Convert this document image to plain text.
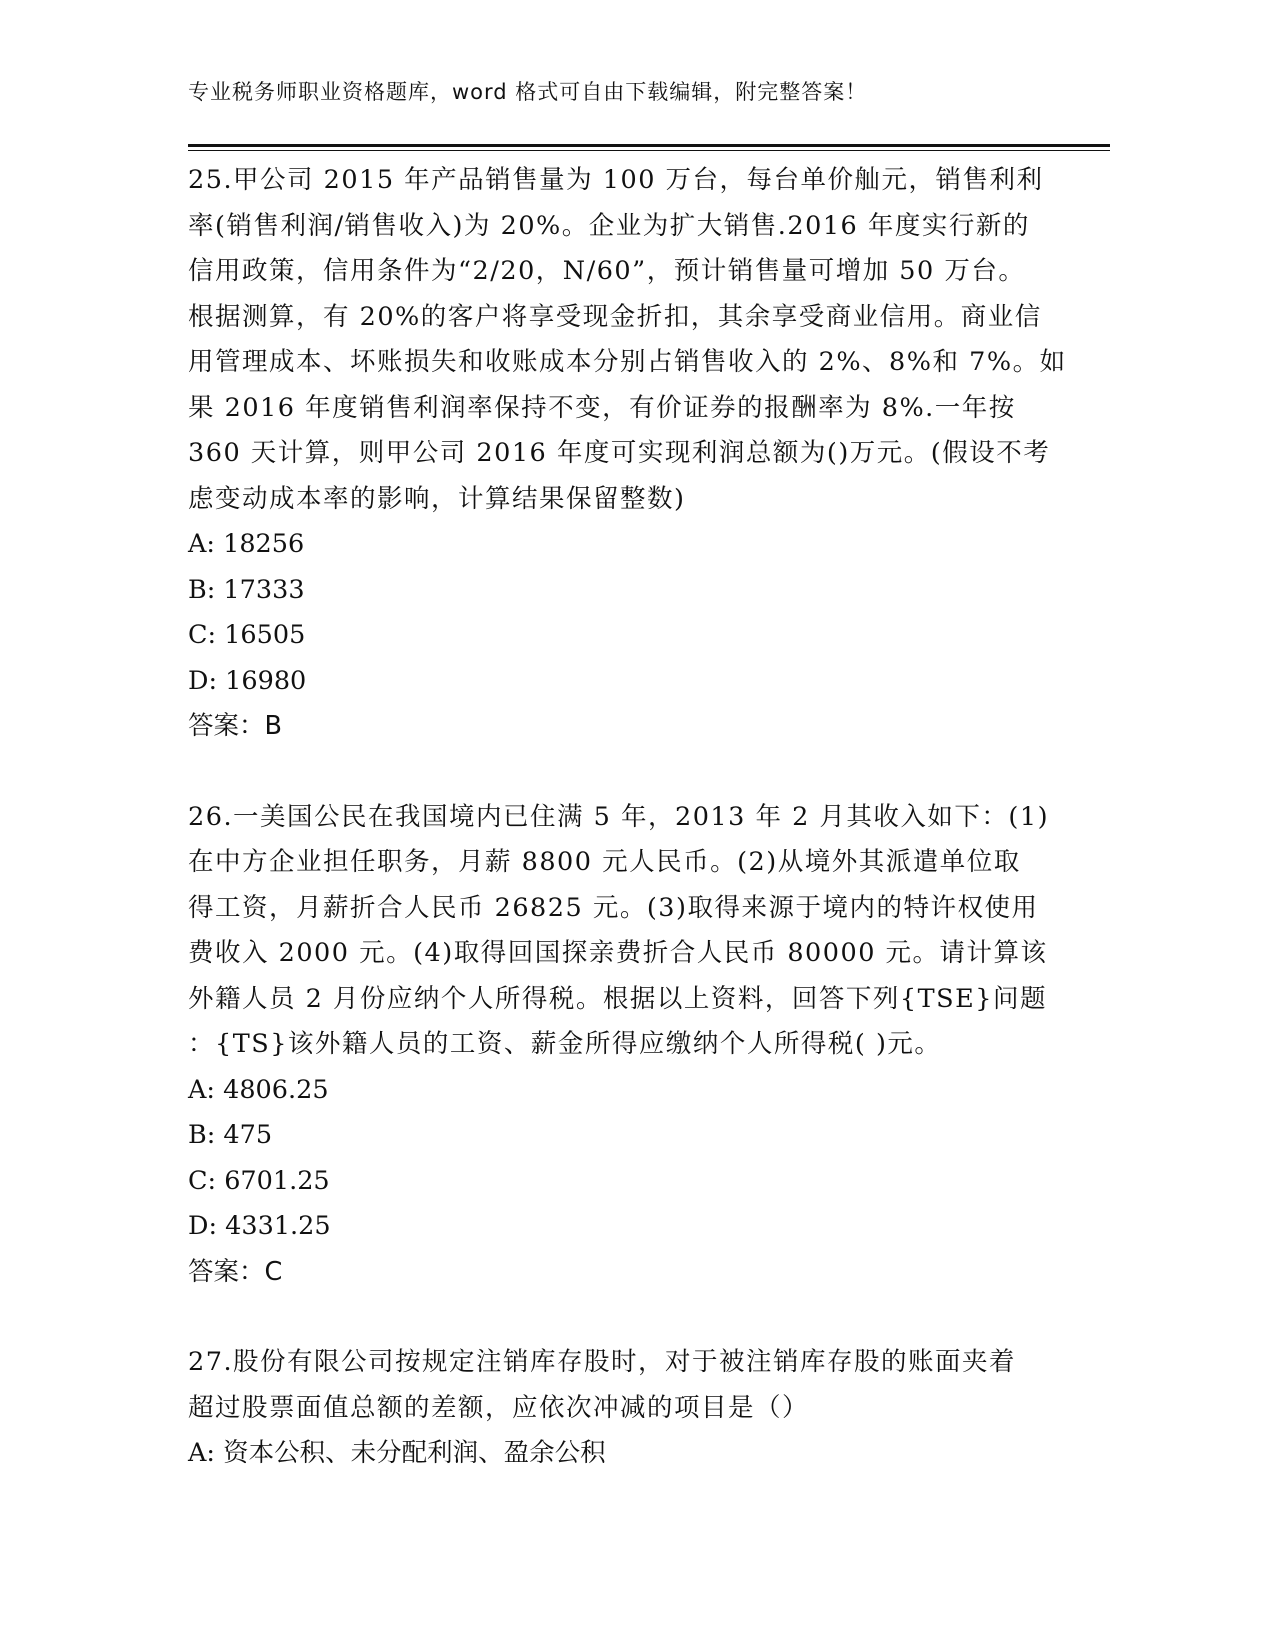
专业税务师职业资格题库，word 格式可自由下载编辑，附完整答案！
25.甲公司 2015 年产品销售量为 100 万台，每台单价舢元，销售利利
率(销售利润/销售收入)为 20%。企业为扩大销售.2016 年度实行新的
信用政策，信用条件为“2/20，N/60”，预计销售量可增加 50 万台。
根据测算，有 20%的客户将享受现金折扣，其余享受商业信用。商业信
用管理成本、坏账损失和收账成本分别占销售收入的 2%、8%和 7%。如
果 2016 年度销售利润率保持不变，有价证券的报酬率为 8%.一年按
360 天计算，则甲公司 2016 年度可实现利润总额为()万元。(假设不考
虑变动成本率的影响，计算结果保留整数)
A: 18256
B: 17333
C: 16505
D: 16980
答案：B
26.一美国公民在我国境内已住满 5 年，2013 年 2 月其收入如下：(1)
在中方企业担任职务，月薪 8800 元人民币。(2)从境外其派遣单位取
得工资，月薪折合人民币 26825 元。(3)取得来源于境内的特许权使用
费收入 2000 元。(4)取得回国探亲费折合人民币 80000 元。请计算该
外籍人员 2 月份应纳个人所得税。根据以上资料，回答下列{TSE}问题
：{TS}该外籍人员的工资、薪金所得应缴纳个人所得税( )元。
A: 4806.25
B: 475
C: 6701.25
D: 4331.25
答案：C
27.股份有限公司按规定注销库存股时，对于被注销库存股的账面夹着
超过股票面值总额的差额，应依次冲减的项目是（）
A: 资本公积、未分配利润、盈余公积
